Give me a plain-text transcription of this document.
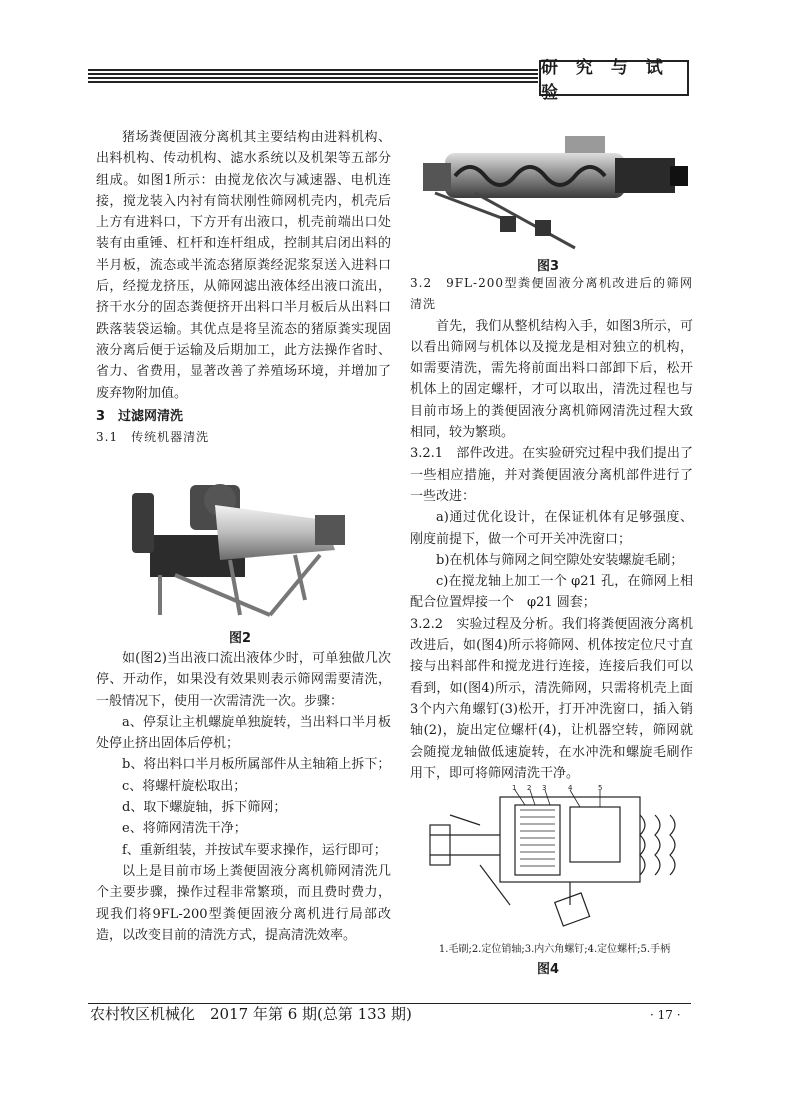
研 究 与 试 验

猪场粪便固液分离机其主要结构由进料机构、出料机构、传动机构、滤水系统以及机架等五部分组成。如图1所示：由搅龙依次与减速器、电机连接，搅龙装入内衬有筒状刚性筛网机壳内，机壳后上方有进料口，下方开有出液口，机壳前端出口处装有由重锤、杠杆和连杆组成，控制其启闭出料的半月板，流态或半流态猪原粪经泥浆泵送入进料口后，经搅龙挤压，从筛网滤出液体经出液口流出，挤干水分的固态粪便挤开出料口半月板后从出料口跌落装袋运输。其优点是将呈流态的猪原粪实现固液分离后便于运输及后期加工，此方法操作省时、省力、省费用，显著改善了养殖场环境，并增加了废弃物附加值。

3　过滤网清洗

3.1　传统机器清洗

图2

如(图2)当出液口流出液体少时，可单独做几次停、开动作，如果没有效果则表示筛网需要清洗，一般情况下，使用一次需清洗一次。步骤：

a、停泵让主机螺旋单独旋转，当出料口半月板处停止挤出固体后停机；

b、将出料口半月板所属部件从主轴箱上拆下；

c、将螺杆旋松取出；

d、取下螺旋轴，拆下筛网；

e、将筛网清洗干净；

f、重新组装，并按试车要求操作，运行即可；

以上是目前市场上粪便固液分离机筛网清洗几个主要步骤，操作过程非常繁琐，而且费时费力，现我们将9FL-200型粪便固液分离机进行局部改造，以改变目前的清洗方式，提高清洗效率。

图3

3.2　9FL-200型粪便固液分离机改进后的筛网清洗

首先，我们从整机结构入手，如图3所示，可以看出筛网与机体以及搅龙是相对独立的机构，如需要清洗，需先将前面出料口部卸下后，松开机体上的固定螺杆，才可以取出，清洗过程也与目前市场上的粪便固液分离机筛网清洗过程大致相同，较为繁琐。

3.2.1　部件改进。在实验研究过程中我们提出了一些相应措施，并对粪便固液分离机部件进行了一些改进：

a)通过优化设计，在保证机体有足够强度、刚度前提下，做一个可开关冲洗窗口；

b)在机体与筛网之间空隙处安装螺旋毛刷；

c)在搅龙轴上加工一个 φ21 孔，在筛网上相配合位置焊接一个　φ21 圆套；

3.2.2　实验过程及分析。我们将粪便固液分离机改进后，如(图4)所示将筛网、机体按定位尺寸直接与出料部件和搅龙进行连接，连接后我们可以看到，如(图4)所示，清洗筛网，只需将机壳上面3个内六角螺钉(3)松开，打开冲洗窗口，插入销轴(2)，旋出定位螺杆(4)，让机器空转，筛网就会随搅龙轴做低速旋转，在水冲洗和螺旋毛刷作用下，即可将筛网清洗干净。

1 2 3	4	5
1.毛刷;2.定位销轴;3.内六角螺钉;4.定位螺杆;5.手柄
图4
农村牧区机械化　2017 年第 6 期(总第 133 期)	· 17 ·
